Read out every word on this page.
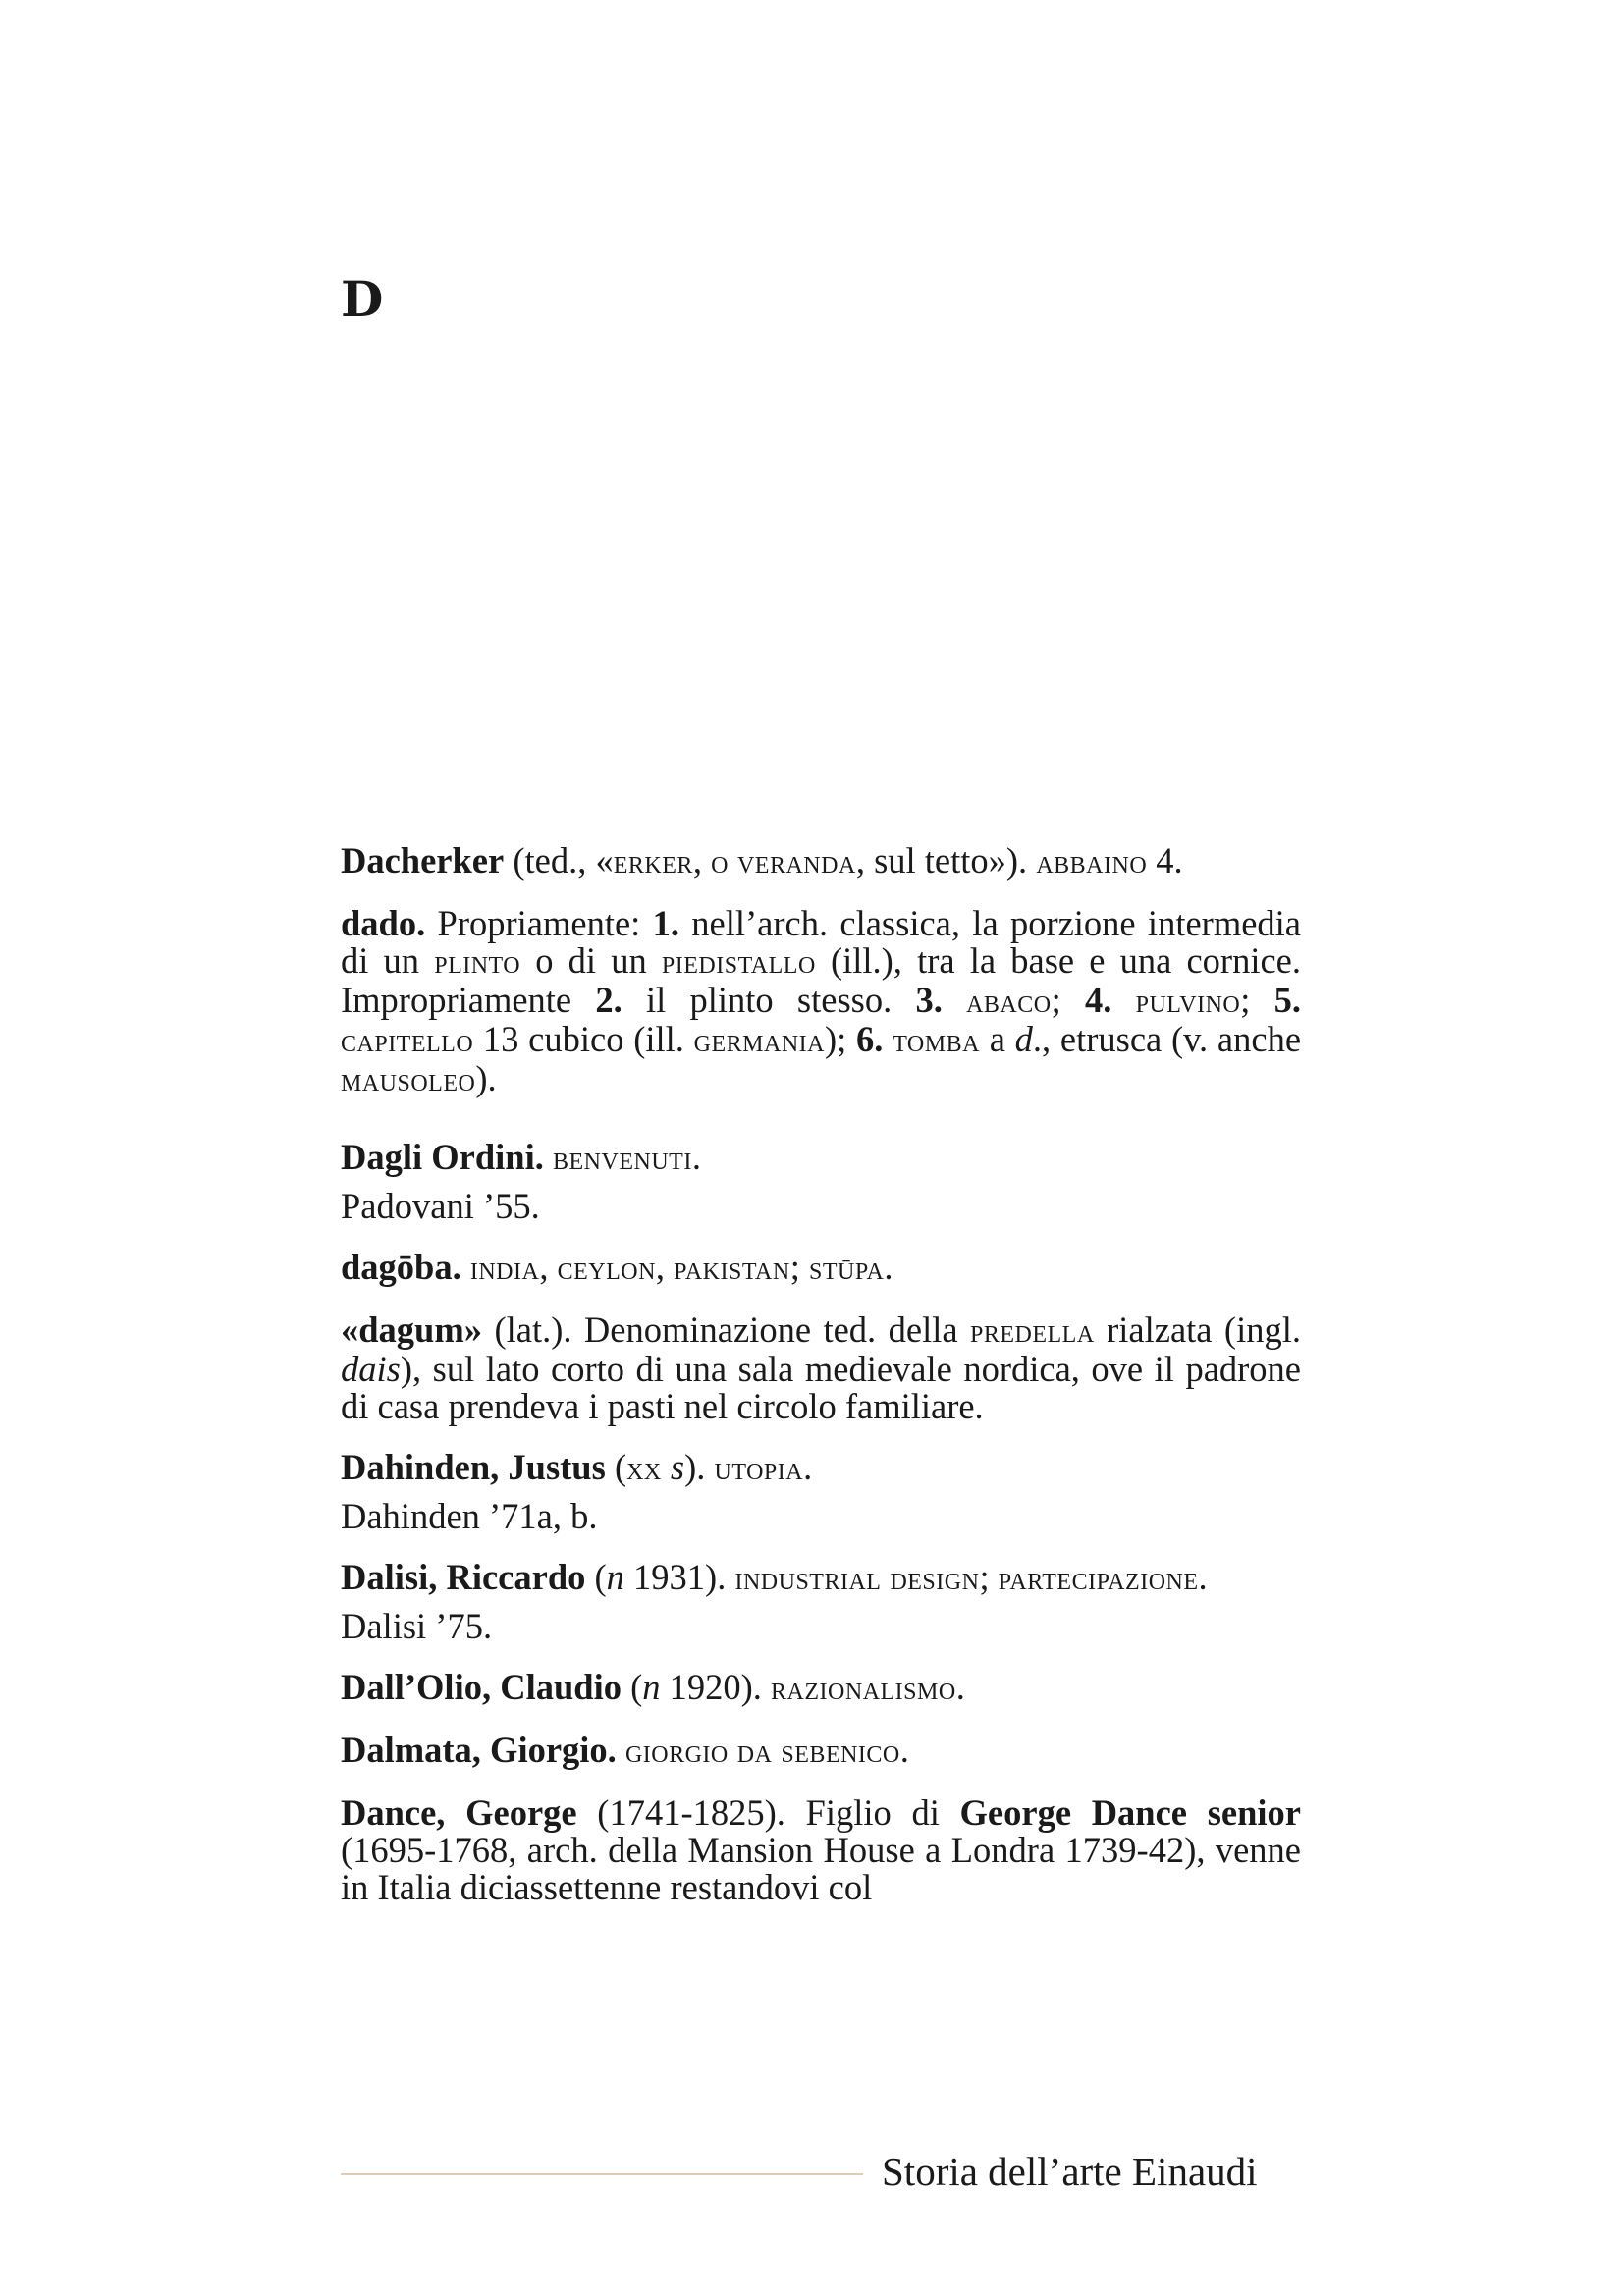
D

Dacherker (ted., «erker, o veranda, sul tetto»). abbaino 4.

dado. Propriamente: 1. nell’arch. classica, la porzione intermedia di un plinto o di un piedistallo (ill.), tra la base e una cornice. Impropriamente 2. il plinto stesso. 3. abaco; 4. pulvino; 5. capitello 13 cubico (ill. germania); 6. tomba a d., etrusca (v. anche mausoleo).

Dagli Ordini. benvenuti.

Padovani ’55.

dagōba. india, ceylon, pakistan; stūpa.

«dagum» (lat.). Denominazione ted. della predella rialzata (ingl. dais), sul lato corto di una sala medievale nordica, ove il padrone di casa prendeva i pasti nel circolo familiare.

Dahinden, Justus (xx s). utopia.

Dahinden ’71a, b.

Dalisi, Riccardo (n 1931). industrial design; partecipazione.

Dalisi ’75.

Dall’Olio, Claudio (n 1920). razionalismo.

Dalmata, Giorgio. giorgio da sebenico.

Dance, George (1741-1825). Figlio di George Dance senior (1695-1768, arch. della Mansion House a Londra 1739-42), venne in Italia diciassettenne restandovi col

Storia dell’arte Einaudi
